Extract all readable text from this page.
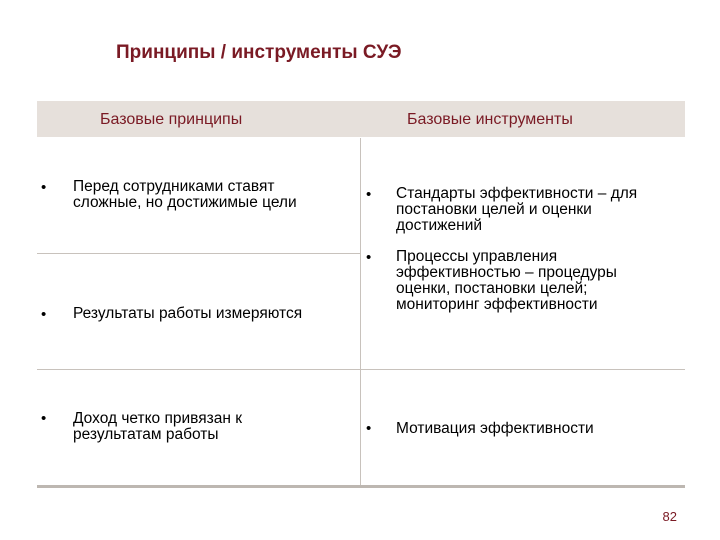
Принципы / инструменты СУЭ
Базовые принципы	Базовые инструменты
• Перед сотрудниками ставят
сложные, но достижимые цели
• Результаты работы измеряются
• Доход четко привязан к
результатам работы
• Стандарты эффективности – для
постановки целей и оценки
достижений
• Процессы управления
эффективностью – процедуры
оценки, постановки целей;
мониторинг эффективности
• Мотивация эффективности
82
